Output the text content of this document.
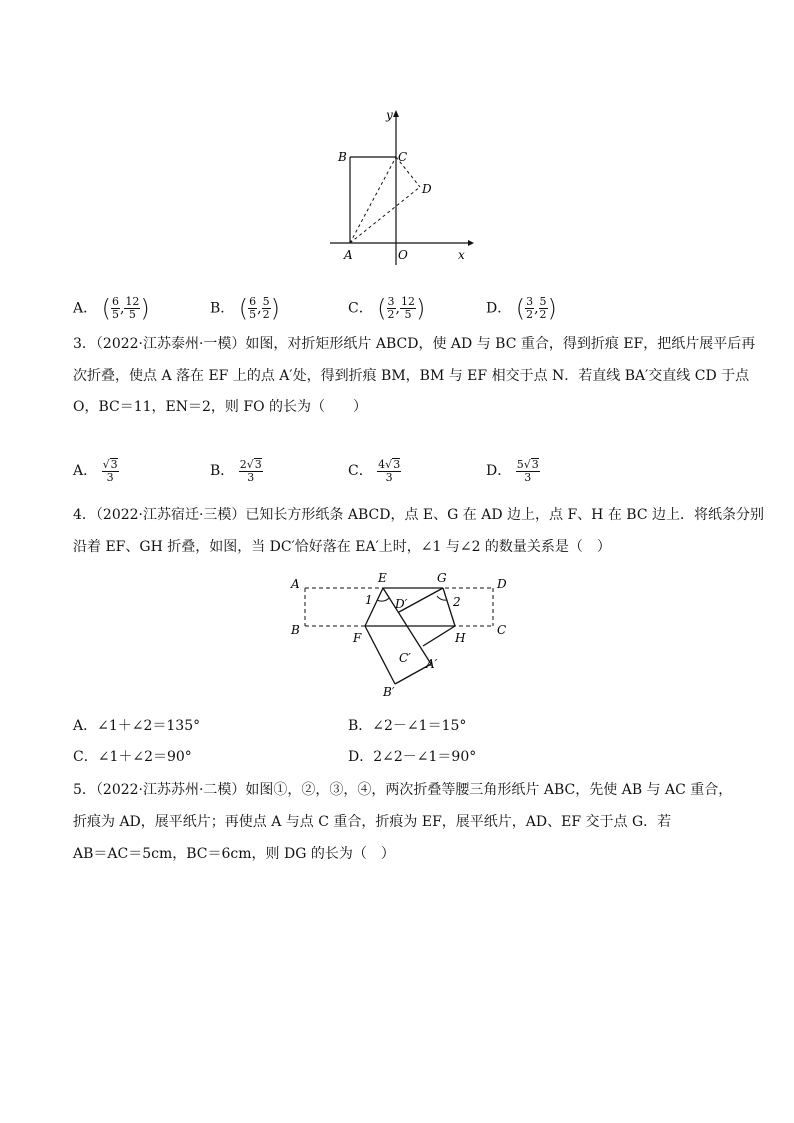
y
B	C
D
A	O	x
A． ( $\frac{6}{5}$ , $\frac{12}{5}$ )	B． ( $\frac{6}{5}$ , $\frac{5}{2}$ )	C． ( $\frac{3}{2}$ , $\frac{12}{5}$ )	D． ( $\frac{3}{2}$ , $\frac{5}{2}$ )
3．（2022·江苏泰州·一模）如图，对折矩形纸片 ABCD，使 AD 与 BC 重合，得到折痕 EF，把纸片展平后再
次折叠，使点 A 落在 EF 上的点 A′处，得到折痕 BM，BM 与 EF 相交于点 N．若直线 BA′交直线 CD 于点
O，BC＝11，EN＝2，则 FO 的长为（　　）
A． $\frac{√3}{3}$	B． $\frac{2√3}{3}$	C． $\frac{4√3}{3}$	D． $\frac{5√3}{3}$
4．（2022·江苏宿迁·三模）已知长方形纸条 ABCD，点 E、G 在 AD 边上，点 F、H 在 BC 边上．将纸条分别
沿着 EF、GH 折叠，如图，当 DC′恰好落在 EA′上时，∠1 与∠2 的数量关系是（　）
A	E	G	D
1	2
D′
B
F	H
C
C′ A′
B′
A．∠1＋∠2＝135°	B．∠2－∠1＝15°
C．∠1＋∠2＝90°	D．2∠2－∠1＝90°
5．（2022·江苏苏州·二模）如图①，②，③，④，两次折叠等腰三角形纸片 ABC，先使 AB 与 AC 重合，
折痕为 AD，展平纸片；再使点 A 与点 C 重合，折痕为 EF，展平纸片，AD、EF 交于点 G．若
AB＝AC＝5cm，BC＝6cm，则 DG 的长为（　）
